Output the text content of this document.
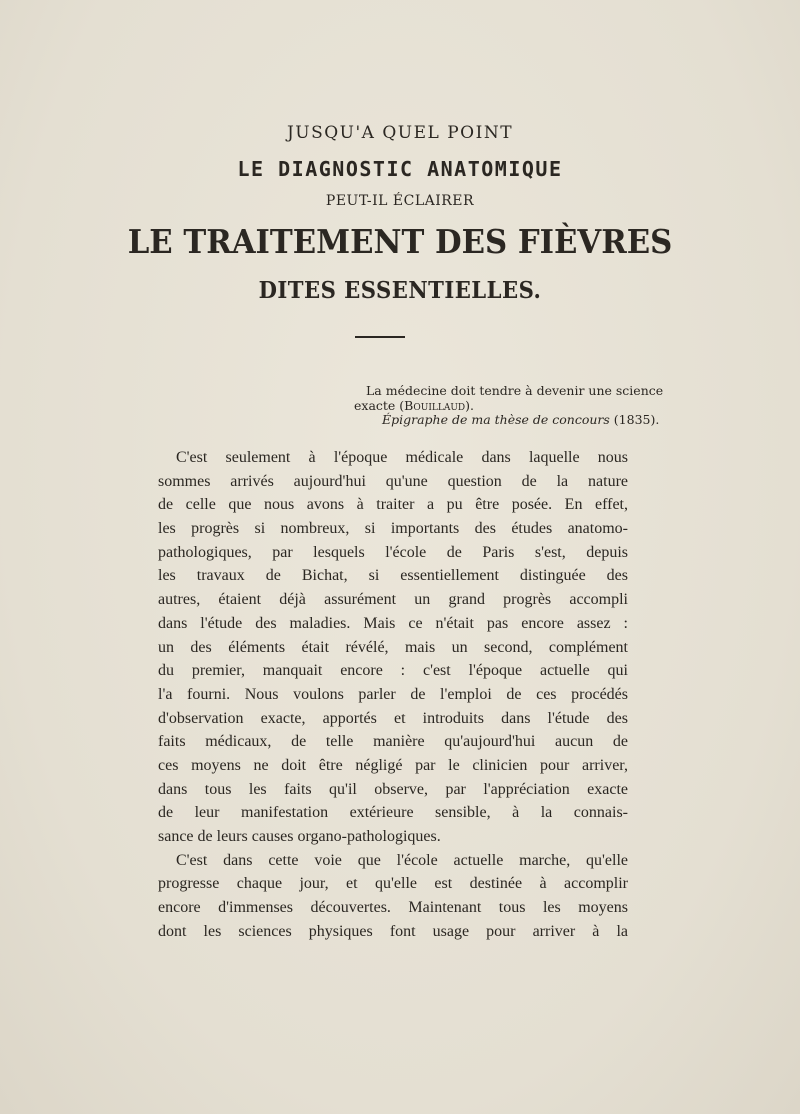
JUSQU'A QUEL POINT
LE DIAGNOSTIC ANATOMIQUE
PEUT-IL ÉCLAIRER
LE TRAITEMENT DES FIÈVRES
DITES ESSENTIELLES.
La médecine doit tendre à devenir une science
exacte (Bouillaud).
Épigraphe de ma thèse de concours (1835).
C'est seulement à l'époque médicale dans laquelle nous
sommes arrivés aujourd'hui qu'une question de la nature
de celle que nous avons à traiter a pu être posée. En effet,
les progrès si nombreux, si importants des études anatomo-
pathologiques, par lesquels l'école de Paris s'est, depuis
les travaux de Bichat, si essentiellement distinguée des
autres, étaient déjà assurément un grand progrès accompli
dans l'étude des maladies. Mais ce n'était pas encore assez :
un des éléments était révélé, mais un second, complément
du premier, manquait encore : c'est l'époque actuelle qui
l'a fourni. Nous voulons parler de l'emploi de ces procédés
d'observation exacte, apportés et introduits dans l'étude des
faits médicaux, de telle manière qu'aujourd'hui aucun de
ces moyens ne doit être négligé par le clinicien pour arriver,
dans tous les faits qu'il observe, par l'appréciation exacte
de leur manifestation extérieure sensible, à la connais-
sance de leurs causes organo-pathologiques.
C'est dans cette voie que l'école actuelle marche, qu'elle
progresse chaque jour, et qu'elle est destinée à accomplir
encore d'immenses découvertes. Maintenant tous les moyens
dont les sciences physiques font usage pour arriver à la
